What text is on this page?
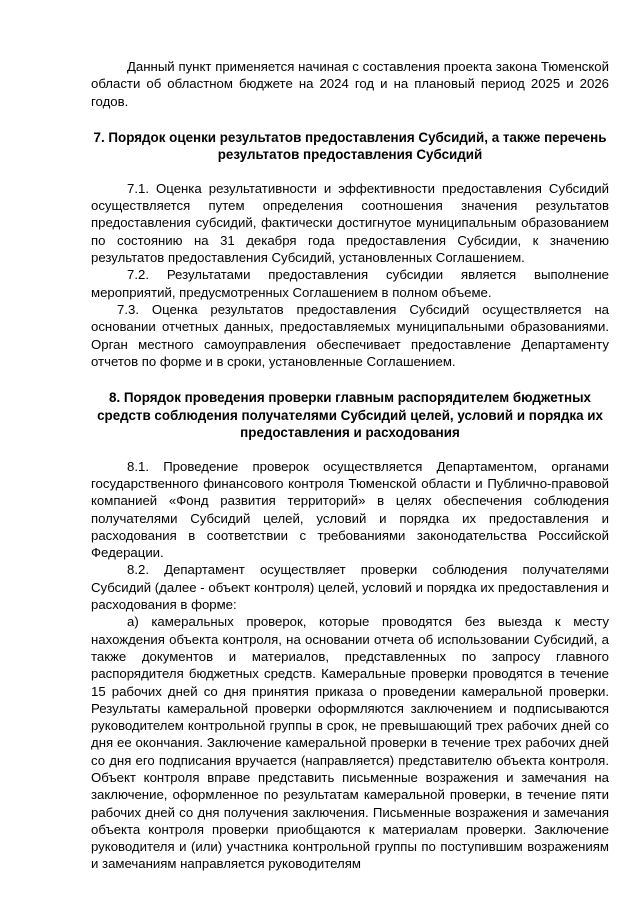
Данный пункт применяется начиная с составления проекта закона Тюменской области об областном бюджете на 2024 год и на плановый период 2025 и 2026 годов.

7. Порядок оценки результатов предоставления Субсидий, а также перечень результатов предоставления Субсидий

7.1. Оценка результативности и эффективности предоставления Субсидий осуществляется путем определения соотношения значения результатов предоставления субсидий, фактически достигнутое муниципальным образованием по состоянию на 31 декабря года предоставления Субсидии, к значению результатов предоставления Субсидий, установленных Соглашением.

7.2. Результатами предоставления субсидии является выполнение мероприятий, предусмотренных Соглашением в полном объеме.

7.3. Оценка результатов предоставления Субсидий осуществляется на основании отчетных данных, предоставляемых муниципальными образованиями. Орган местного самоуправления обеспечивает предоставление Департаменту отчетов по форме и в сроки, установленные Соглашением.

8. Порядок проведения проверки главным распорядителем бюджетных средств соблюдения получателями Субсидий целей, условий и порядка их предоставления и расходования

8.1. Проведение проверок осуществляется Департаментом, органами государственного финансового контроля Тюменской области и Публично-правовой компанией «Фонд развития территорий» в целях обеспечения соблюдения получателями Субсидий целей, условий и порядка их предоставления и расходования в соответствии с требованиями законодательства Российской Федерации.

8.2. Департамент осуществляет проверки соблюдения получателями Субсидий (далее - объект контроля) целей, условий и порядка их предоставления и расходования в форме:

а) камеральных проверок, которые проводятся без выезда к месту нахождения объекта контроля, на основании отчета об использовании Субсидий, а также документов и материалов, представленных по запросу главного распорядителя бюджетных средств. Камеральные проверки проводятся в течение 15 рабочих дней со дня принятия приказа о проведении камеральной проверки. Результаты камеральной проверки оформляются заключением и подписываются руководителем контрольной группы в срок, не превышающий трех рабочих дней со дня ее окончания. Заключение камеральной проверки в течение трех рабочих дней со дня его подписания вручается (направляется) представителю объекта контроля. Объект контроля вправе представить письменные возражения и замечания на заключение, оформленное по результатам камеральной проверки, в течение пяти рабочих дней со дня получения заключения. Письменные возражения и замечания объекта контроля проверки приобщаются к материалам проверки. Заключение руководителя и (или) участника контрольной группы по поступившим возражениям и замечаниям направляется руководителям
